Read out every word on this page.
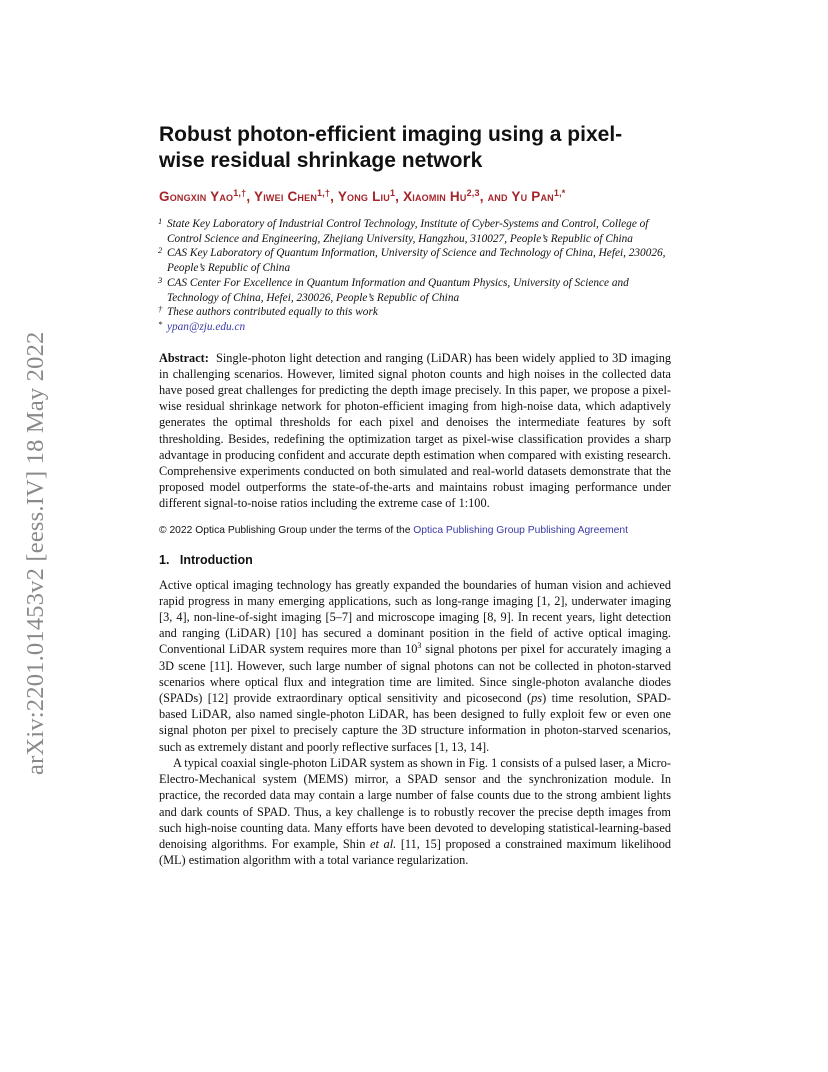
arXiv:2201.01453v2 [eess.IV] 18 May 2022
Robust photon-efficient imaging using a pixel-wise residual shrinkage network
Gongxin Yao$^{1,\dagger}$, Yiwei Chen$^{1,\dagger}$, Yong Liu$^1$, Xiaomin Hu$^{2,3}$, and Yu Pan$^{1,*}$
1 State Key Laboratory of Industrial Control Technology, Institute of Cyber-Systems and Control, College of Control Science and Engineering, Zhejiang University, Hangzhou, 310027, People’s Republic of China
2 CAS Key Laboratory of Quantum Information, University of Science and Technology of China, Hefei, 230026, People’s Republic of China
3 CAS Center For Excellence in Quantum Information and Quantum Physics, University of Science and Technology of China, Hefei, 230026, People’s Republic of China
† These authors contributed equally to this work
* ypan@zju.edu.cn
Abstract: Single-photon light detection and ranging (LiDAR) has been widely applied to 3D imaging in challenging scenarios. However, limited signal photon counts and high noises in the collected data have posed great challenges for predicting the depth image precisely. In this paper, we propose a pixel-wise residual shrinkage network for photon-efficient imaging from high-noise data, which adaptively generates the optimal thresholds for each pixel and denoises the intermediate features by soft thresholding. Besides, redefining the optimization target as pixel-wise classification provides a sharp advantage in producing confident and accurate depth estimation when compared with existing research. Comprehensive experiments conducted on both simulated and real-world datasets demonstrate that the proposed model outperforms the state-of-the-arts and maintains robust imaging performance under different signal-to-noise ratios including the extreme case of 1:100.
© 2022 Optica Publishing Group under the terms of the Optica Publishing Group Publishing Agreement
1. Introduction

Active optical imaging technology has greatly expanded the boundaries of human vision and achieved rapid progress in many emerging applications, such as long-range imaging [1, 2], underwater imaging [3, 4], non-line-of-sight imaging [5–7] and microscope imaging [8, 9]. In recent years, light detection and ranging (LiDAR) [10] has secured a dominant position in the field of active optical imaging. Conventional LiDAR system requires more than $10^3$ signal photons per pixel for accurately imaging a 3D scene [11]. However, such large number of signal photons can not be collected in photon-starved scenarios where optical flux and integration time are limited. Since single-photon avalanche diodes (SPADs) [12] provide extraordinary optical sensitivity and picosecond (ps) time resolution, SPAD-based LiDAR, also named single-photon LiDAR, has been designed to fully exploit few or even one signal photon per pixel to precisely capture the 3D structure information in photon-starved scenarios, such as extremely distant and poorly reflective surfaces [1, 13, 14].

A typical coaxial single-photon LiDAR system as shown in Fig. 1 consists of a pulsed laser, a Micro-Electro-Mechanical system (MEMS) mirror, a SPAD sensor and the synchronization module. In practice, the recorded data may contain a large number of false counts due to the strong ambient lights and dark counts of SPAD. Thus, a key challenge is to robustly recover the precise depth images from such high-noise counting data. Many efforts have been devoted to developing statistical-learning-based denoising algorithms. For example, Shin et al. [11, 15] proposed a constrained maximum likelihood (ML) estimation algorithm with a total variance regularization.
